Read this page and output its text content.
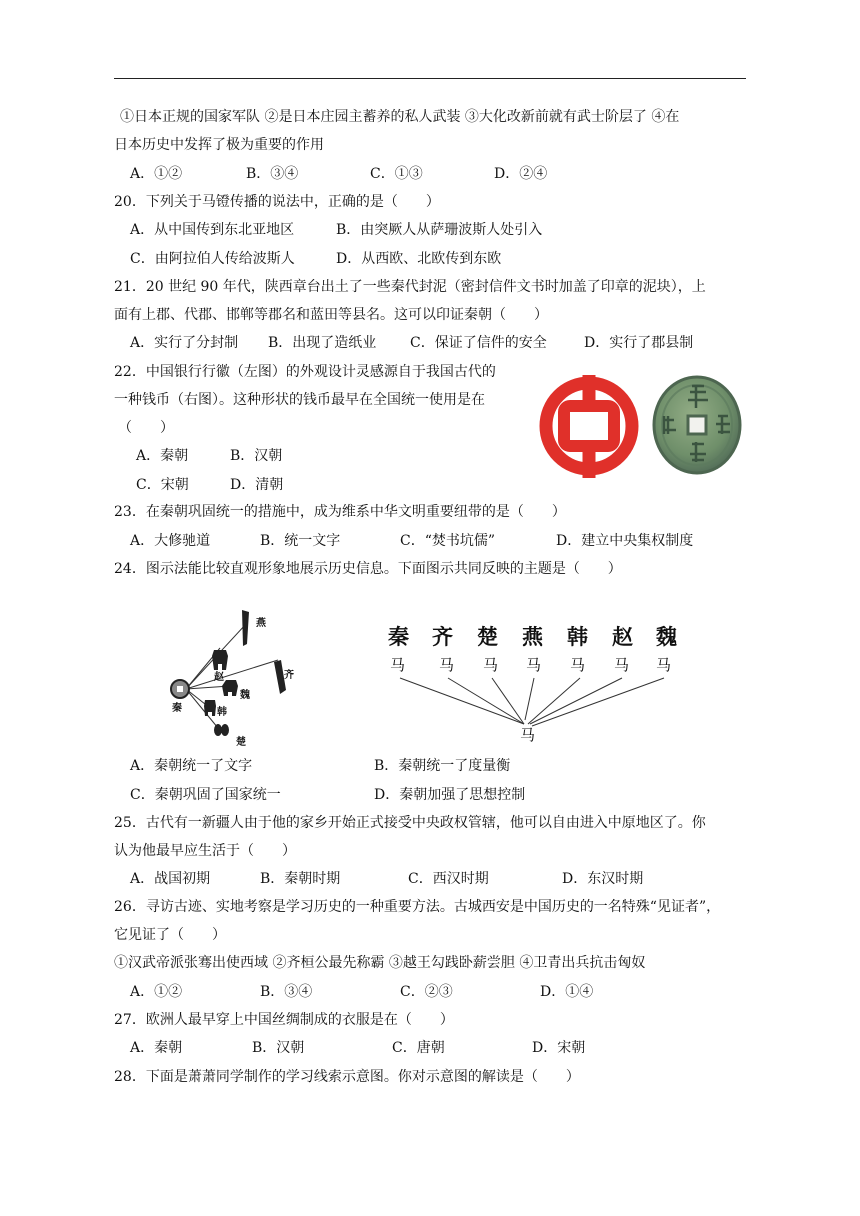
①日本正规的国家军队 ②是日本庄园主蓄养的私人武装 ③大化改新前就有武士阶层了 ④在
日本历史中发挥了极为重要的作用
A．①②	B．③④	C．①③	D．②④
20．下列关于马镫传播的说法中，正确的是（　　）
A．从中国传到东北亚地区	B．由突厥人从萨珊波斯人处引入
C．由阿拉伯人传给波斯人	D．从西欧、北欧传到东欧
21．20 世纪 90 年代，陕西章台出土了一些秦代封泥（密封信件文书时加盖了印章的泥块），上
面有上郡、代郡、邯郸等郡名和蓝田等县名。这可以印证秦朝（　　）
A．实行了分封制 B．出现了造纸业 C．保证了信件的安全	D．实行了郡县制
22．中国银行行徽（左图）的外观设计灵感源自于我国古代的
一种钱币（右图）。这种形状的钱币最早在全国统一使用是在
（　　）
A．秦朝	B．汉朝
C．宋朝	D．清朝
23．在秦朝巩固统一的措施中，成为维系中华文明重要纽带的是（　　）
A．大修驰道	B．统一文字	C．“焚书坑儒”	D．建立中央集权制度
24．图示法能比较直观形象地展示历史信息。下面图示共同反映的主题是（　　）
燕
赵	齐
魏
秦	韩
楚
秦 齐 楚 燕 韩 赵 魏
马 马 马 马 马 马 马
马
A．秦朝统一了文字	B．秦朝统一了度量衡
C．秦朝巩固了国家统一	D．秦朝加强了思想控制
25．古代有一新疆人由于他的家乡开始正式接受中央政权管辖，他可以自由进入中原地区了。你
认为他最早应生活于（　　）
A．战国初期	B．秦朝时期	C．西汉时期	D．东汉时期
26．寻访古迹、实地考察是学习历史的一种重要方法。古城西安是中国历史的一名特殊“见证者”，
它见证了（　　）
①汉武帝派张骞出使西域 ②齐桓公最先称霸 ③越王勾践卧薪尝胆 ④卫青出兵抗击匈奴
A．①②	B．③④	C．②③	D．①④
27．欧洲人最早穿上中国丝绸制成的衣服是在（　　）
A．秦朝	B．汉朝	C．唐朝	D．宋朝
28．下面是萧萧同学制作的学习线索示意图。你对示意图的解读是（　　）
